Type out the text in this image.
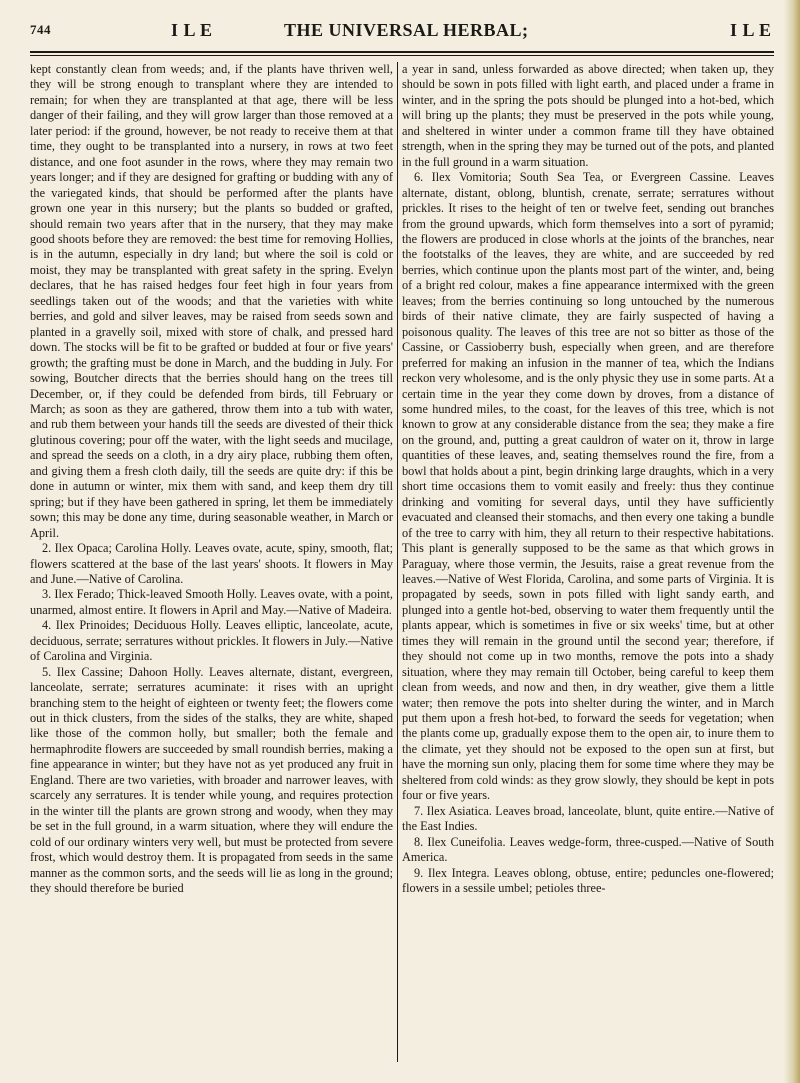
744	I L E	THE UNIVERSAL HERBAL;	I L E

kept constantly clean from weeds; and, if the plants have thriven well, they will be strong enough to transplant where they are intended to remain; for when they are transplanted at that age, there will be less danger of their failing, and they will grow larger than those removed at a later period: if the ground, however, be not ready to receive them at that time, they ought to be transplanted into a nursery, in rows at two feet distance, and one foot asunder in the rows, where they may remain two years longer; and if they are designed for grafting or budding with any of the variegated kinds, that should be performed after the plants have grown one year in this nursery; but the plants so budded or grafted, should remain two years after that in the nursery, that they may make good shoots before they are removed: the best time for removing Hollies, is in the autumn, especially in dry land; but where the soil is cold or moist, they may be transplanted with great safety in the spring. Evelyn declares, that he has raised hedges four feet high in four years from seedlings taken out of the woods; and that the varieties with white berries, and gold and silver leaves, may be raised from seeds sown and planted in a gravelly soil, mixed with store of chalk, and pressed hard down. The stocks will be fit to be grafted or budded at four or five years' growth; the grafting must be done in March, and the budding in July. For sowing, Boutcher directs that the berries should hang on the trees till December, or, if they could be defended from birds, till February or March; as soon as they are gathered, throw them into a tub with water, and rub them between your hands till the seeds are divested of their thick glutinous covering; pour off the water, with the light seeds and mucilage, and spread the seeds on a cloth, in a dry airy place, rubbing them often, and giving them a fresh cloth daily, till the seeds are quite dry: if this be done in autumn or winter, mix them with sand, and keep them dry till spring; but if they have been gathered in spring, let them be immediately sown; this may be done any time, during seasonable weather, in March or April.

2. Ilex Opaca; Carolina Holly. Leaves ovate, acute, spiny, smooth, flat; flowers scattered at the base of the last years' shoots. It flowers in May and June.—Native of Carolina.

3. Ilex Ferado; Thick-leaved Smooth Holly. Leaves ovate, with a point, unarmed, almost entire. It flowers in April and May.—Native of Madeira.

4. Ilex Prinoides; Deciduous Holly. Leaves elliptic, lanceolate, acute, deciduous, serrate; serratures without prickles. It flowers in July.—Native of Carolina and Virginia.

5. Ilex Cassine; Dahoon Holly. Leaves alternate, distant, evergreen, lanceolate, serrate; serratures acuminate: it rises with an upright branching stem to the height of eighteen or twenty feet; the flowers come out in thick clusters, from the sides of the stalks, they are white, shaped like those of the common holly, but smaller; both the female and hermaphrodite flowers are succeeded by small roundish berries, making a fine appearance in winter; but they have not as yet produced any fruit in England. There are two varieties, with broader and narrower leaves, with scarcely any serratures. It is tender while young, and requires protection in the winter till the plants are grown strong and woody, when they may be set in the full ground, in a warm situation, where they will endure the cold of our ordinary winters very well, but must be protected from severe frost, which would destroy them. It is propagated from seeds in the same manner as the common sorts, and the seeds will lie as long in the ground; they should therefore be buried

a year in sand, unless forwarded as above directed; when taken up, they should be sown in pots filled with light earth, and placed under a frame in winter, and in the spring the pots should be plunged into a hot-bed, which will bring up the plants; they must be preserved in the pots while young, and sheltered in winter under a common frame till they have obtained strength, when in the spring they may be turned out of the pots, and planted in the full ground in a warm situation.

6. Ilex Vomitoria; South Sea Tea, or Evergreen Cassine. Leaves alternate, distant, oblong, bluntish, crenate, serrate; serratures without prickles. It rises to the height of ten or twelve feet, sending out branches from the ground upwards, which form themselves into a sort of pyramid; the flowers are produced in close whorls at the joints of the branches, near the footstalks of the leaves, they are white, and are succeeded by red berries, which continue upon the plants most part of the winter, and, being of a bright red colour, makes a fine appearance intermixed with the green leaves; from the berries continuing so long untouched by the numerous birds of their native climate, they are fairly suspected of having a poisonous quality. The leaves of this tree are not so bitter as those of the Cassine, or Cassioberry bush, especially when green, and are therefore preferred for making an infusion in the manner of tea, which the Indians reckon very wholesome, and is the only physic they use in some parts. At a certain time in the year they come down by droves, from a distance of some hundred miles, to the coast, for the leaves of this tree, which is not known to grow at any considerable distance from the sea; they make a fire on the ground, and, putting a great cauldron of water on it, throw in large quantities of these leaves, and, seating themselves round the fire, from a bowl that holds about a pint, begin drinking large draughts, which in a very short time occasions them to vomit easily and freely: thus they continue drinking and vomiting for several days, until they have sufficiently evacuated and cleansed their stomachs, and then every one taking a bundle of the tree to carry with him, they all return to their respective habitations. This plant is generally supposed to be the same as that which grows in Paraguay, where those vermin, the Jesuits, raise a great revenue from the leaves.—Native of West Florida, Carolina, and some parts of Virginia. It is propagated by seeds, sown in pots filled with light sandy earth, and plunged into a gentle hot-bed, observing to water them frequently until the plants appear, which is sometimes in five or six weeks' time, but at other times they will remain in the ground until the second year; therefore, if they should not come up in two months, remove the pots into a shady situation, where they may remain till October, being careful to keep them clean from weeds, and now and then, in dry weather, give them a little water; then remove the pots into shelter during the winter, and in March put them upon a fresh hot-bed, to forward the seeds for vegetation; when the plants come up, gradually expose them to the open air, to inure them to the climate, yet they should not be exposed to the open sun at first, but have the morning sun only, placing them for some time where they may be sheltered from cold winds: as they grow slowly, they should be kept in pots four or five years.

7. Ilex Asiatica. Leaves broad, lanceolate, blunt, quite entire.—Native of the East Indies.

8. Ilex Cuneifolia. Leaves wedge-form, three-cusped.—Native of South America.

9. Ilex Integra. Leaves oblong, obtuse, entire; peduncles one-flowered; flowers in a sessile umbel; petioles three-
